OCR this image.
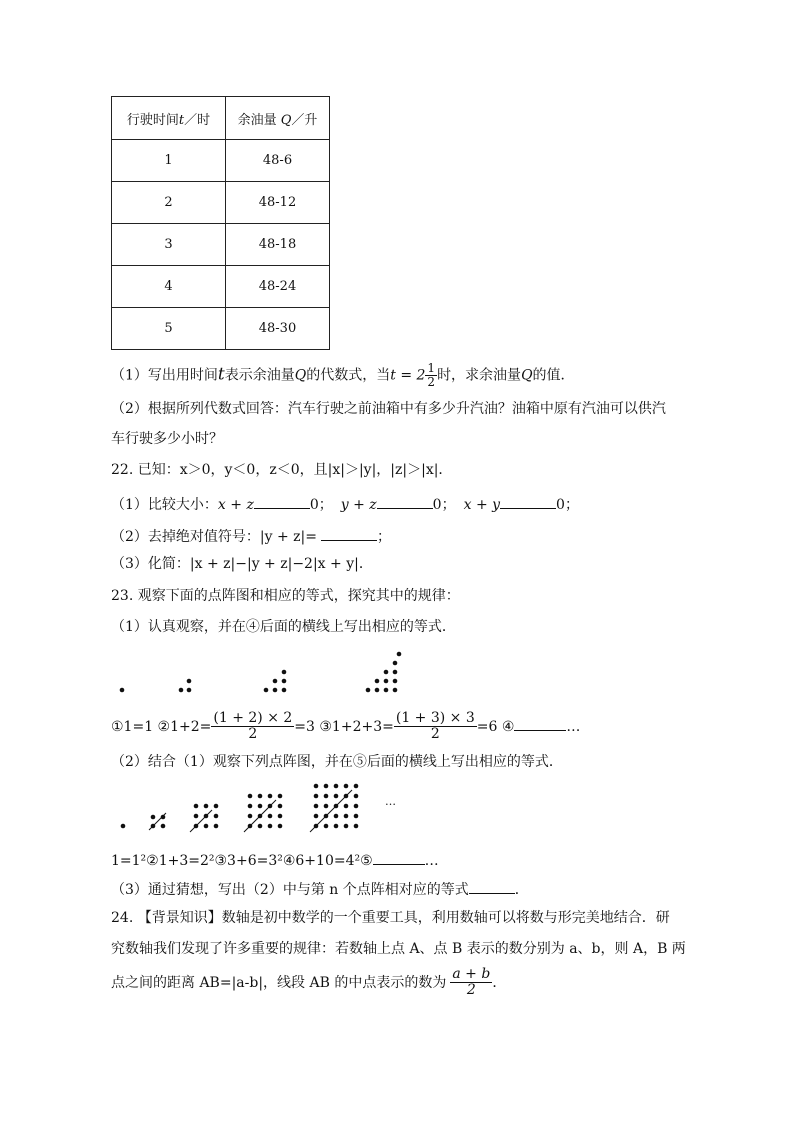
行驶时间t／时	余油量 Q／升
1	48-6
2	48-12
3	48-18
4	48-24
5	48-30
（1）写出用时间t表示余油量Q的代数式，当$t = 2 \frac{1}{2}$ 时，求余油量Q的值．
（2）根据所列代数式回答：汽车行驶之前油箱中有多少升汽油？油箱中原有汽油可以供汽
车行驶多少小时？
22. 已知：x＞0，y＜0，z＜0，且|x|＞|y|，|z|＞|x|．
（1）比较大小：x + z	0； y + z	0； x + y	0；
（2）去掉绝对值符号：|y + z|=	；
（3）化简：|x + z|−|y + z|−2|x + y|．
23. 观察下面的点阵图和相应的等式，探究其中的规律：
（1）认真观察，并在④后面的横线上写出相应的等式．
①1=1 ②1+2= $\frac{(1 + 2) \times 2}{2} =3$ ③1+2+3= $\frac{(1 + 3) \times 3}{2} =6$ ④	…
（2）结合（1）观察下列点阵图，并在⑤后面的横线上写出相应的等式．
…
1=1²②1+3=2²③3+6=3²④6+10=4²⑤	…
（3）通过猜想，写出（2）中与第 n 个点阵相对应的等式	．
24. 【背景知识】数轴是初中数学的一个重要工具，利用数轴可以将数与形完美地结合．研
究数轴我们发现了许多重要的规律：若数轴上点 A、点 B 表示的数分别为 a、b，则 A，B 两
点之间的距离 AB=|a-b|，线段 AB 的中点表示的数为 $\frac{a + b}{2}$ ．
